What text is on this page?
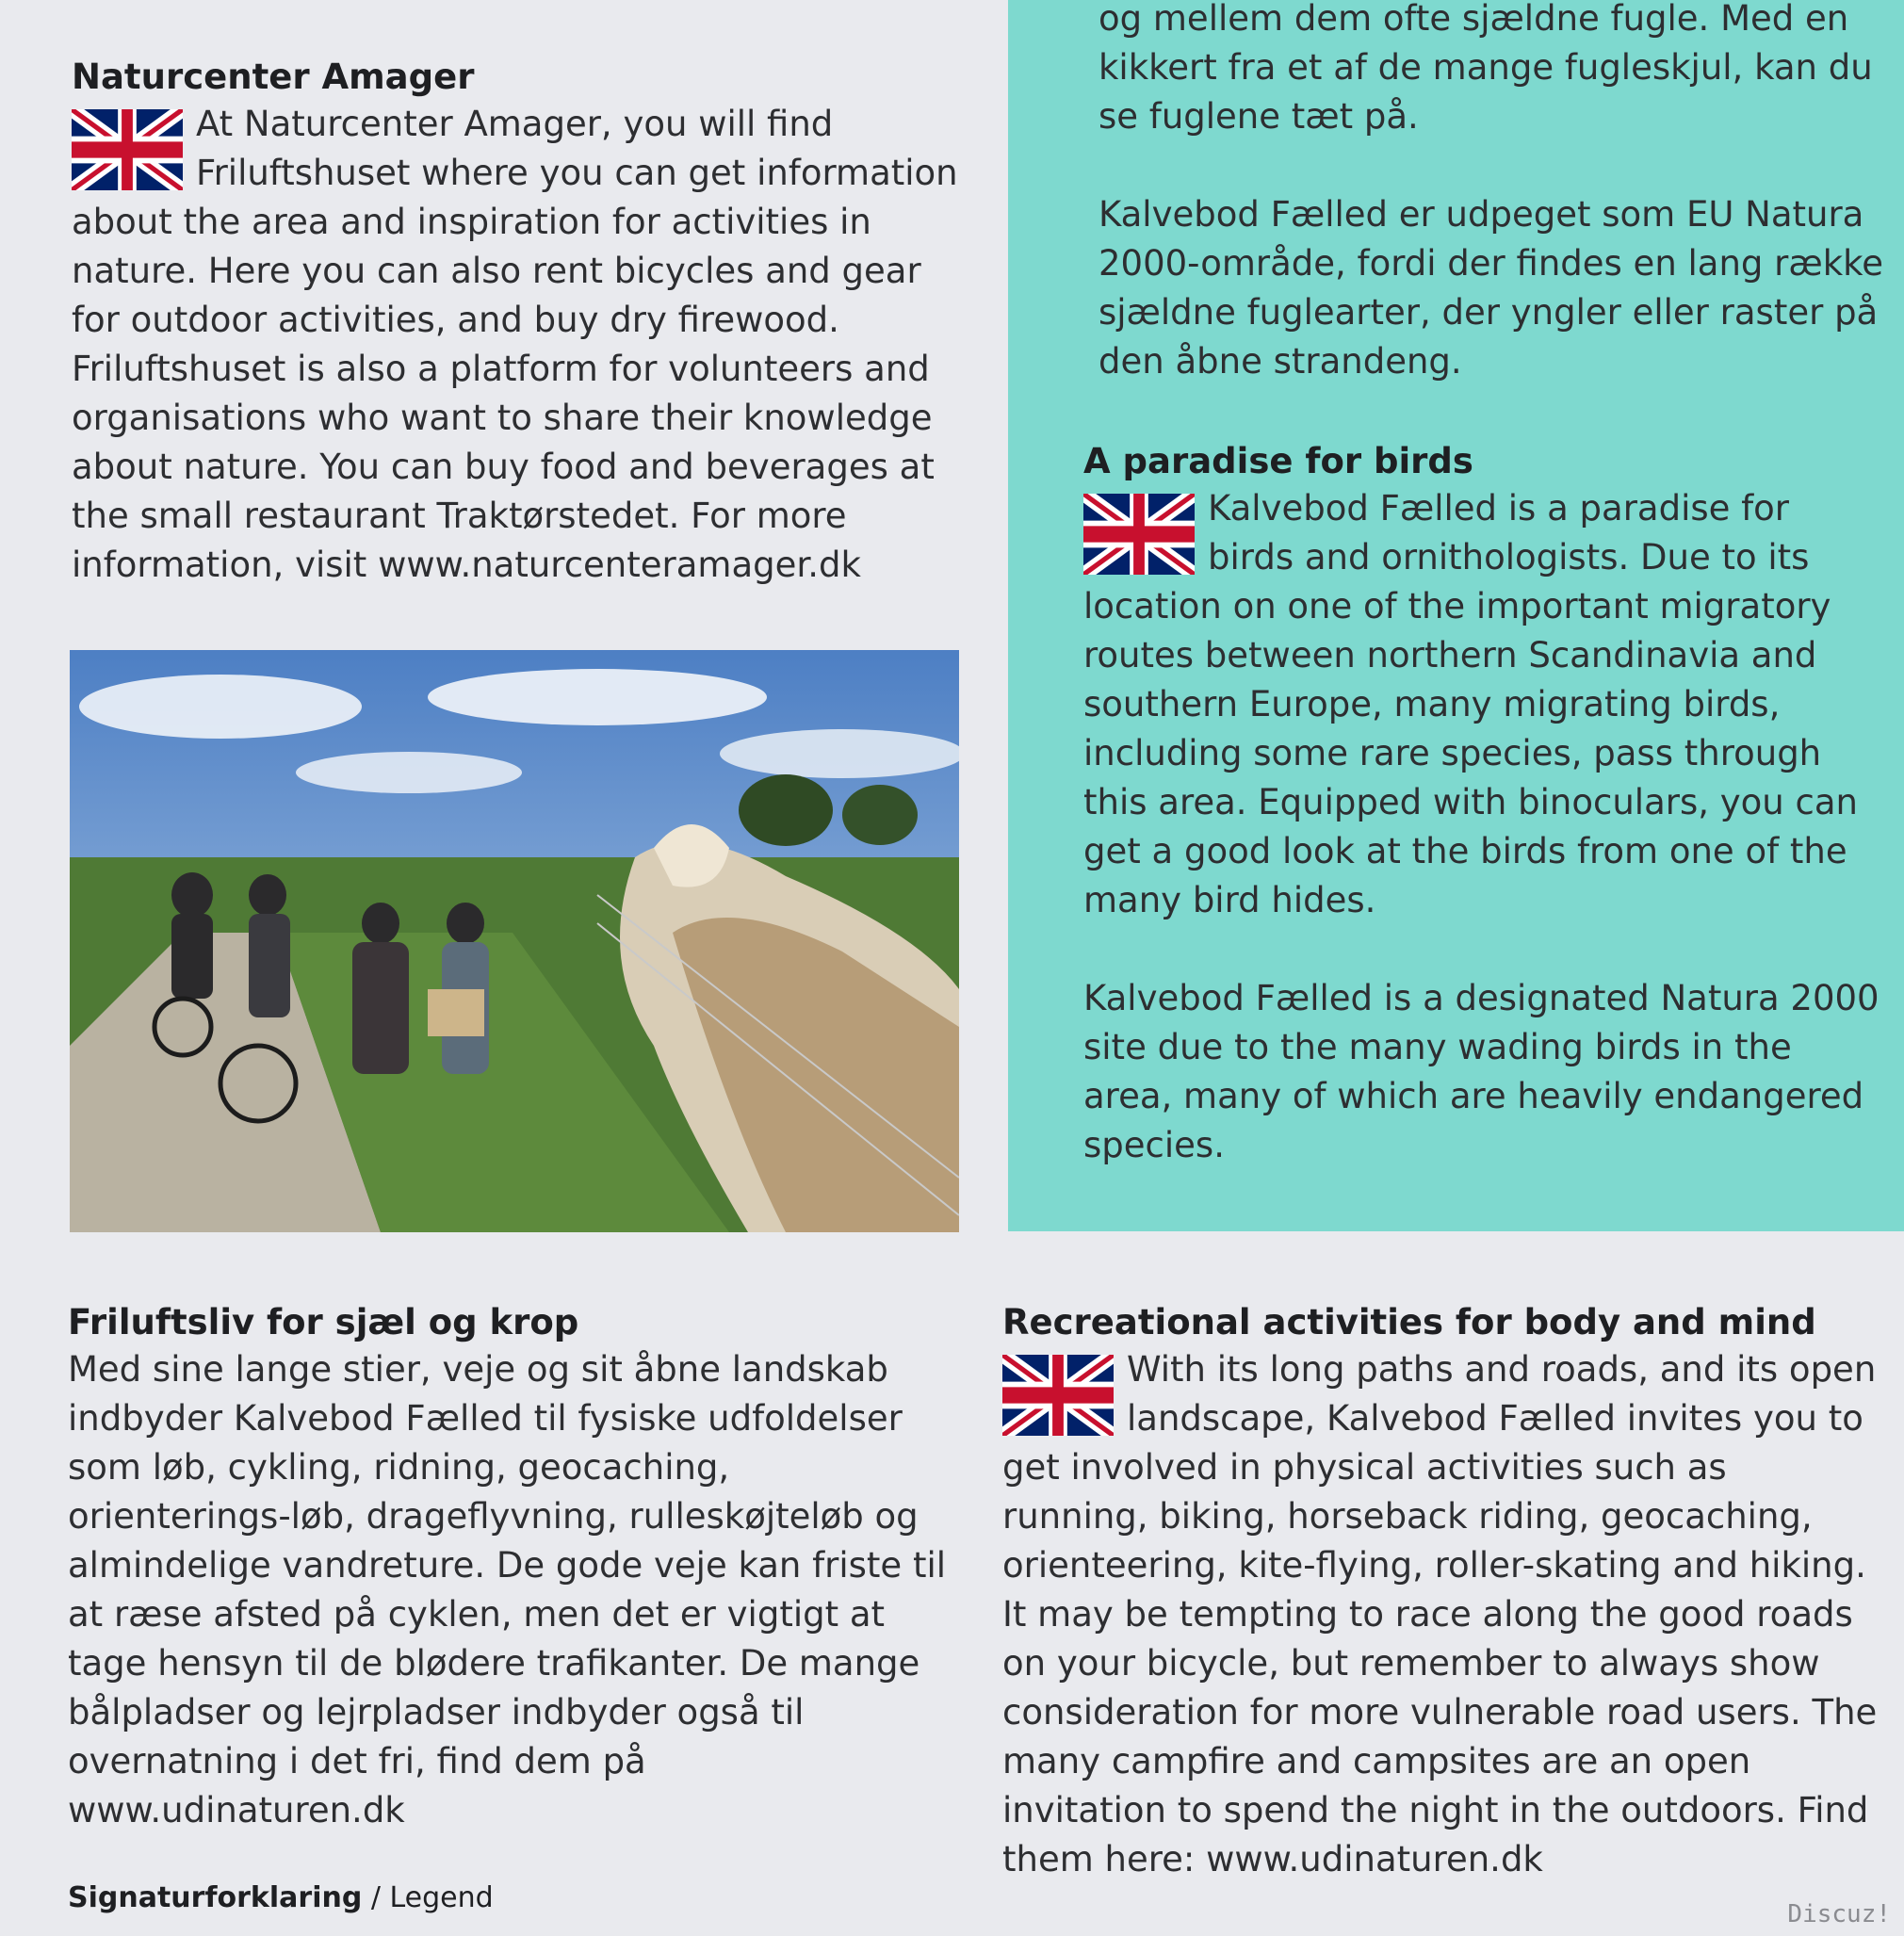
Naturcenter Amager

At Naturcenter Amager, you will find Friluftshuset where you can get information about the area and inspiration for activities in nature. Here you can also rent bicycles and gear for outdoor activities, and buy dry firewood. Friluftshuset is also a platform for volunteers and organisations who want to share their knowledge about nature. You can buy food and beverages at the small restaurant Traktørstedet. For more information, visit www.naturcenteramager.dk

og mellem dem ofte sjældne fugle. Med en kikkert fra et af de mange fugleskjul, kan du se fuglene tæt på.

Kalvebod Fælled er udpeget som EU Natura 2000-område, fordi der findes en lang række sjældne fuglearter, der yngler eller raster på den åbne strandeng.

A paradise for birds

Kalvebod Fælled is a paradise for birds and ornithologists. Due to its location on one of the important migratory routes between northern Scandinavia and southern Europe, many migrating birds, including some rare species, pass through this area. Equipped with binoculars, you can get a good look at the birds from one of the many bird hides.

Kalvebod Fælled is a designated Natura 2000 site due to the many wading birds in the area, many of which are heavily endangered species.

Friluftsliv for sjæl og krop

Med sine lange stier, veje og sit åbne landskab indbyder Kalvebod Fælled til fysiske udfoldelser som løb, cykling, ridning, geocaching, orienterings-løb, drageflyvning, rulleskøjteløb og almindelige vandreture. De gode veje kan friste til at ræse afsted på cyklen, men det er vigtigt at tage hensyn til de blødere trafikanter. De mange bålpladser og lejrpladser indbyder også til overnatning i det fri, find dem på www.udinaturen.dk

Recreational activities for body and mind

With its long paths and roads, and its open landscape, Kalvebod Fælled invites you to get involved in physical activities such as running, biking, horseback riding, geocaching, orienteering, kite-flying, roller-skating and hiking. It may be tempting to race along the good roads on your bicycle, but remember to always show consideration for more vulnerable road users. The many campfire and campsites are an open invitation to spend the night in the outdoors. Find them here: www.udinaturen.dk

Signaturforklaring / Legend	Discuz!
